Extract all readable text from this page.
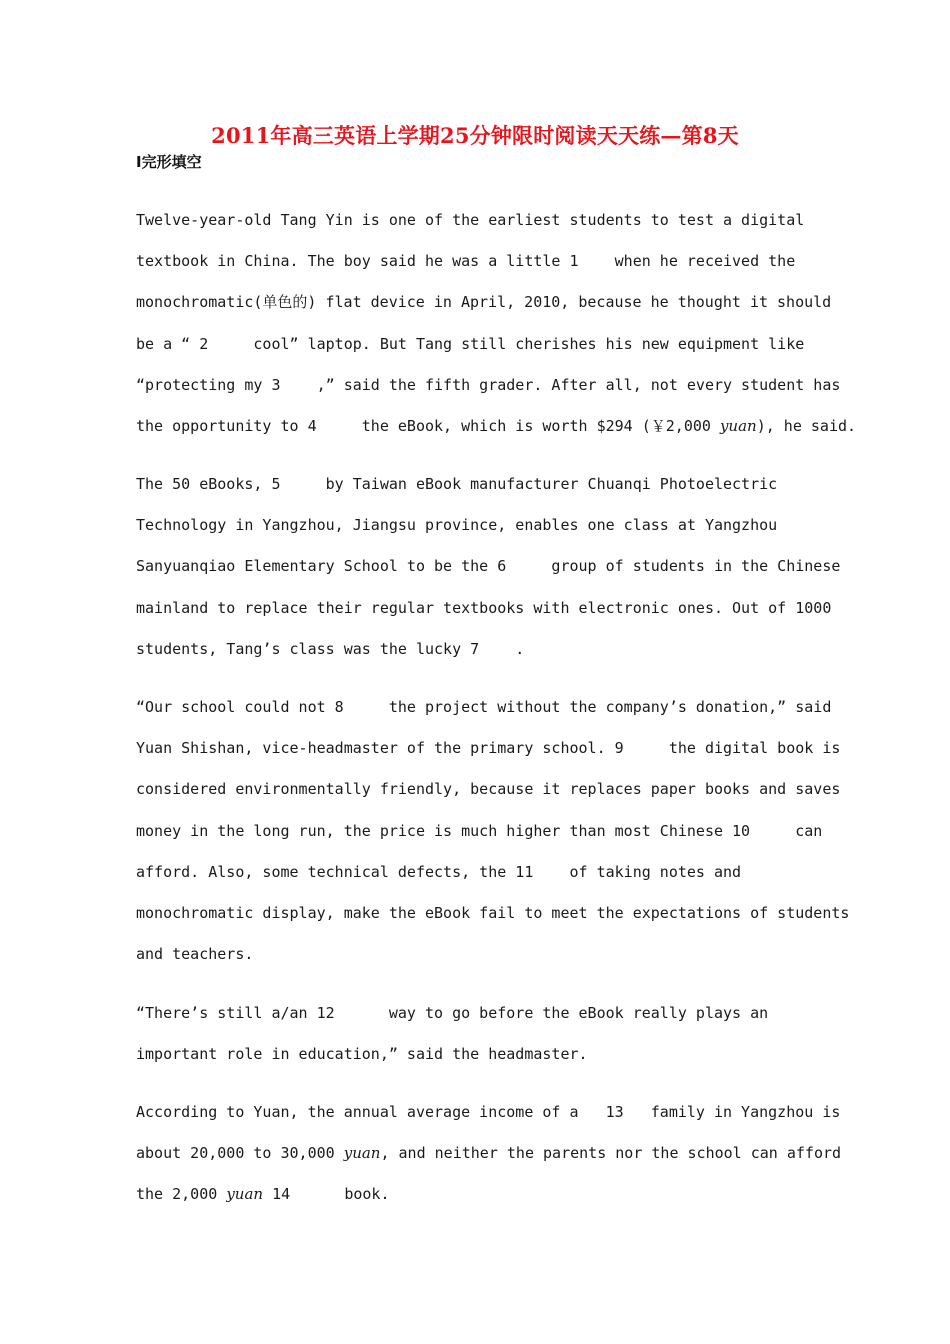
2011年高三英语上学期25分钟限时阅读天天练—第8天
I完形填空
Twelve-year-old Tang Yin is one of the earliest students to test a digital
textbook in China. The boy said he was a little 1    when he received the
monochromatic(单色的) flat device in April, 2010, because he thought it should
be a “ 2     cool” laptop. But Tang still cherishes his new equipment like
“protecting my 3    ,” said the fifth grader. After all, not every student has
the opportunity to 4     the eBook, which is worth $294 (￥2,000 yuan), he said.
The 50 eBooks, 5     by Taiwan eBook manufacturer Chuanqi Photoelectric
Technology in Yangzhou, Jiangsu province, enables one class at Yangzhou
Sanyuanqiao Elementary School to be the 6     group of students in the Chinese
mainland to replace their regular textbooks with electronic ones. Out of 1000
students, Tang’s class was the lucky 7    .
“Our school could not 8     the project without the company’s donation,” said
Yuan Shishan, vice-headmaster of the primary school. 9     the digital book is
considered environmentally friendly, because it replaces paper books and saves
money in the long run, the price is much higher than most Chinese 10     can
afford. Also, some technical defects, the 11    of taking notes and
monochromatic display, make the eBook fail to meet the expectations of students
and teachers.
“There’s still a/an 12      way to go before the eBook really plays an
important role in education,” said the headmaster.
According to Yuan, the annual average income of a   13   family in Yangzhou is
about 20,000 to 30,000 yuan, and neither the parents nor the school can afford
the 2,000 yuan 14      book.
